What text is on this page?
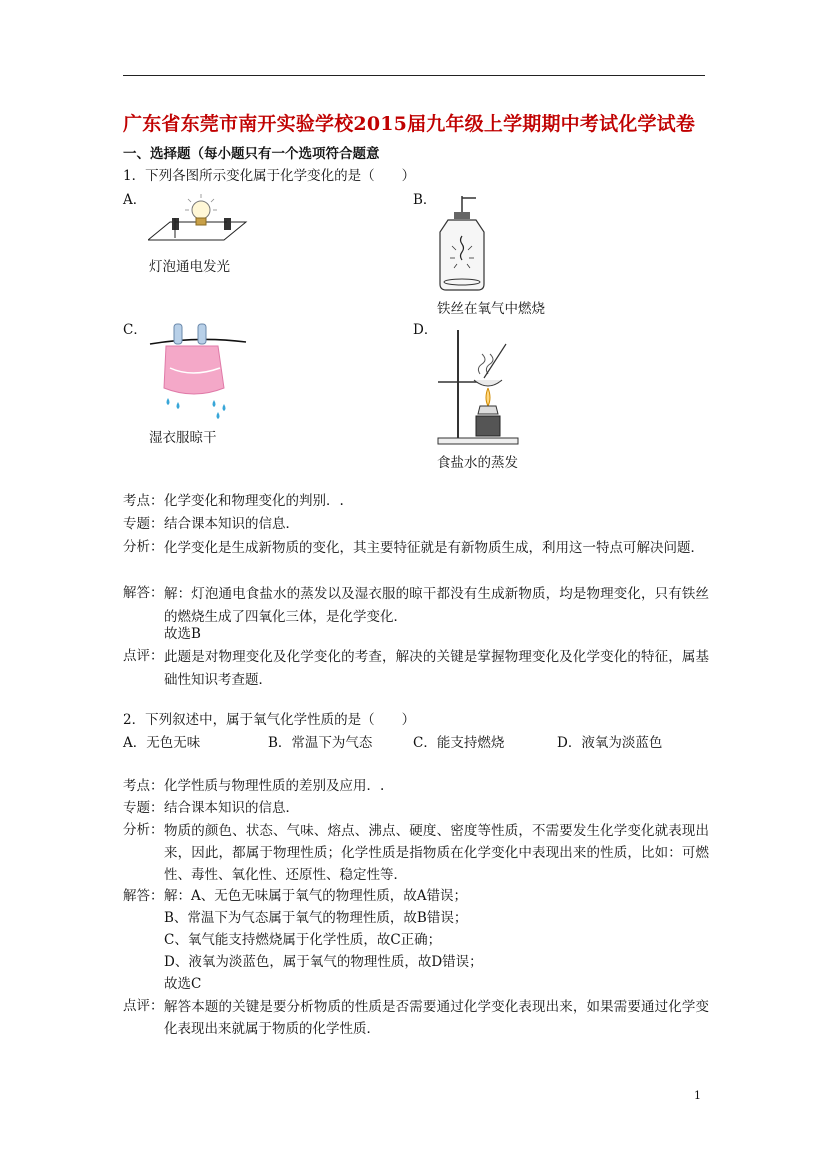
广东省东莞市南开实验学校2015届九年级上学期期中考试化学试卷
一、选择题（每小题只有一个选项符合题意
1．下列各图所示变化属于化学变化的是（　　）
A．
灯泡通电发光
B．
铁丝在氧气中燃烧
C．
湿衣服晾干
D．
食盐水的蒸发
考点： 化学变化和物理变化的判别．.
专题： 结合课本知识的信息．
分析： 化学变化是生成新物质的变化，其主要特征就是有新物质生成，利用这一特点可解决问题．
解答： 解：灯泡通电食盐水的蒸发以及湿衣服的晾干都没有生成新物质，均是物理变化，只有铁丝的燃烧生成了四氧化三体，是化学变化．
故选B
点评： 此题是对物理变化及化学变化的考查，解决的关键是掌握物理变化及化学变化的特征，属基础性知识考查题．
2．下列叙述中，属于氧气化学性质的是（　　）
A．无色无味	B．常温下为气态	C．能支持燃烧	D．液氧为淡蓝色
考点： 化学性质与物理性质的差别及应用．.
专题： 结合课本知识的信息．
分析： 物质的颜色、状态、气味、熔点、沸点、硬度、密度等性质，不需要发生化学变化就表现出来，因此，都属于物理性质；化学性质是指物质在化学变化中表现出来的性质，比如：可燃性、毒性、氧化性、还原性、稳定性等．
解答： 解：A、无色无味属于氧气的物理性质，故A错误；
B、常温下为气态属于氧气的物理性质，故B错误；
C、氧气能支持燃烧属于化学性质，故C正确；
D、液氧为淡蓝色，属于氧气的物理性质，故D错误；
故选C
点评： 解答本题的关键是要分析物质的性质是否需要通过化学变化表现出来，如果需要通过化学变化表现出来就属于物质的化学性质．
1
